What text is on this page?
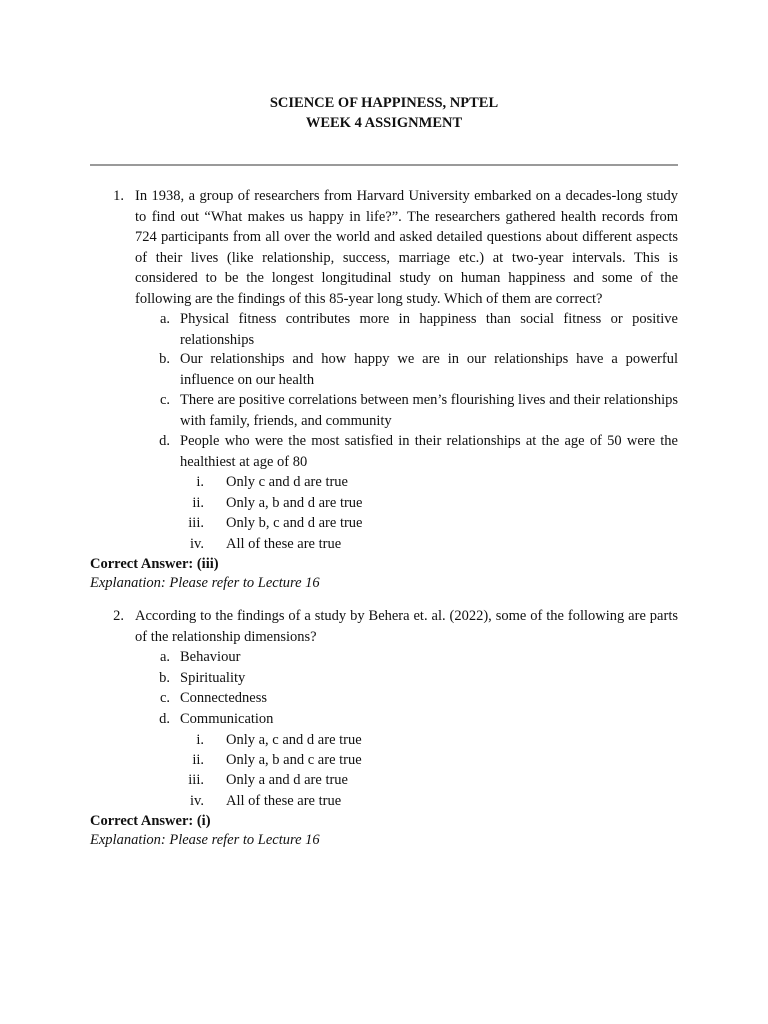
SCIENCE OF HAPPINESS, NPTEL
WEEK 4 ASSIGNMENT
1. In 1938, a group of researchers from Harvard University embarked on a decades-long study to find out “What makes us happy in life?”. The researchers gathered health records from 724 participants from all over the world and asked detailed questions about different aspects of their lives (like relationship, success, marriage etc.) at two-year intervals. This is considered to be the longest longitudinal study on human happiness and some of the following are the findings of this 85-year long study. Which of them are correct?
a. Physical fitness contributes more in happiness than social fitness or positive relationships
b. Our relationships and how happy we are in our relationships have a powerful influence on our health
c. There are positive correlations between men’s flourishing lives and their relationships with family, friends, and community
d. People who were the most satisfied in their relationships at the age of 50 were the healthiest at age of 80
i. Only c and d are true
ii. Only a, b and d are true
iii. Only b, c and d are true
iv. All of these are true
Correct Answer: (iii)
Explanation: Please refer to Lecture 16
2. According to the findings of a study by Behera et. al. (2022), some of the following are parts of the relationship dimensions?
a. Behaviour
b. Spirituality
c. Connectedness
d. Communication
i. Only a, c and d are true
ii. Only a, b and c are true
iii. Only a and d are true
iv. All of these are true
Correct Answer: (i)
Explanation: Please refer to Lecture 16
